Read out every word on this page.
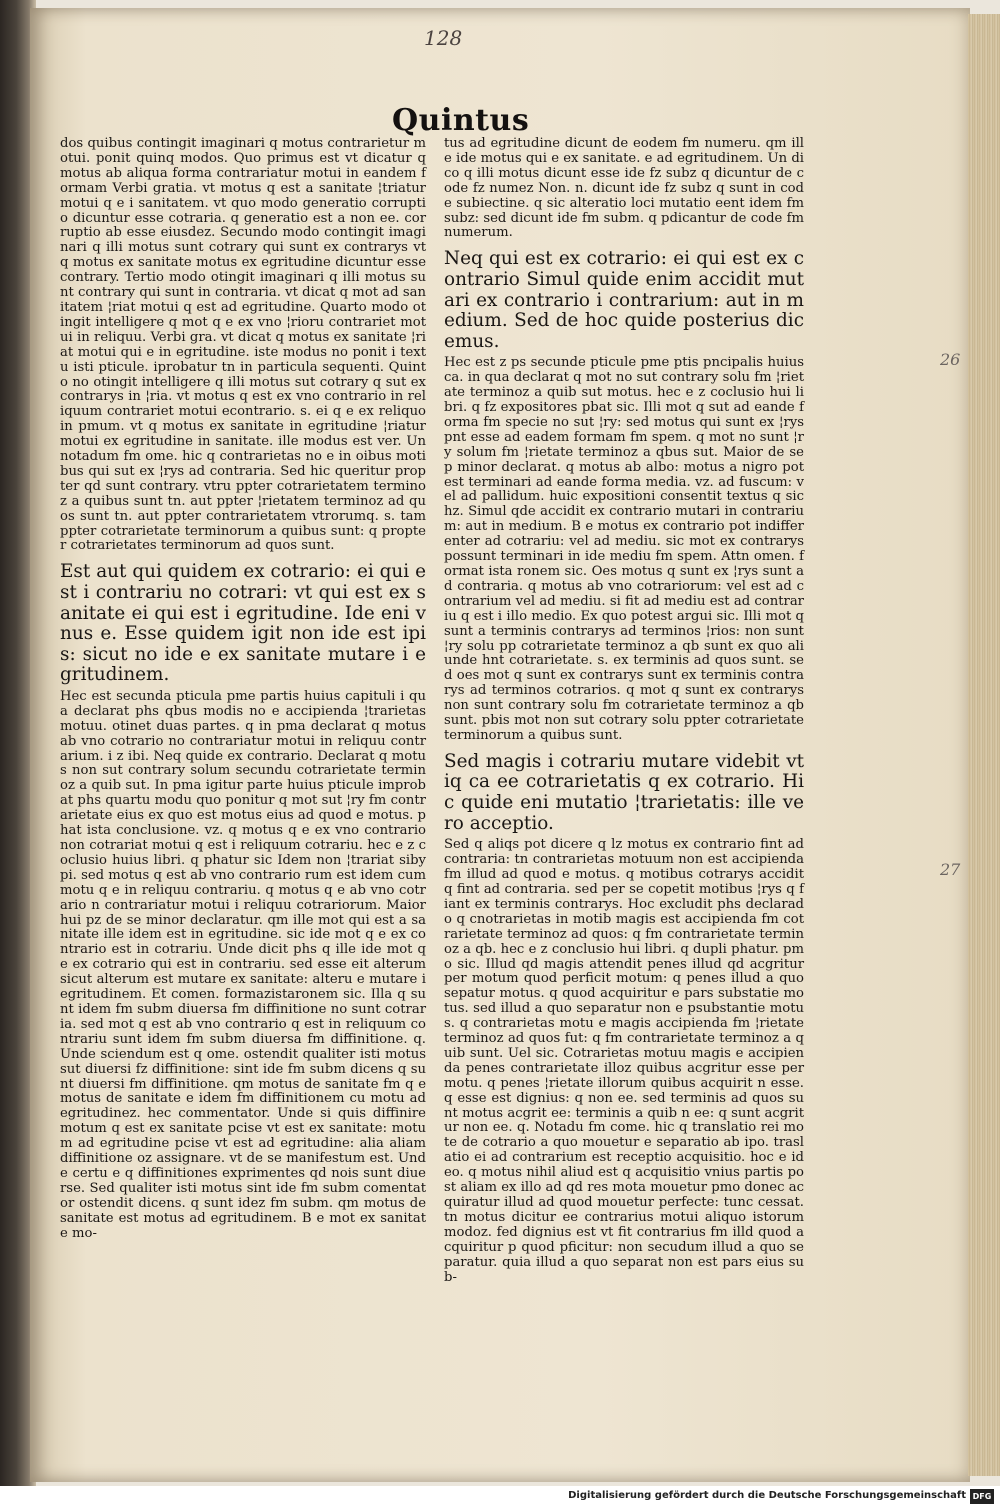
128
Quintus

dos quibus contingit imaginari q motus contrarietur motui. ponit quinq modos. Quo primus est vt dicatur q motus ab aliqua forma contrariatur motui in eandem formam Verbi gratia. vt motus q est a sanitate ¦triatur motui q e i sanitatem. vt quo modo generatio corruptio dicuntur esse cotraria. q generatio est a non ee. corruptio ab esse eiusdez. Secundo modo contingit imaginari q illi motus sunt cotrary qui sunt ex contrarys vt q motus ex sanitate motus ex egritudine dicuntur esse contrary. Tertio modo otingit imaginari q illi motus sunt contrary qui sunt in contraria. vt dicat q mot ad sanitatem ¦riat motui q est ad egritudine. Quarto modo otingit intelligere q mot q e ex vno ¦rioru contrariet motui in reliquu. Verbi gra. vt dicat q motus ex sanitate ¦riat motui qui e in egritudine. iste modus no ponit i textu isti pticule. iprobatur tn in particula sequenti. Quinto no otingit intelligere q illi motus sut cotrary q sut ex contrarys in ¦ria. vt motus q est ex vno contrario in reliquum contrariet motui econtrario. s. ei q e ex reliquo in pmum. vt q motus ex sanitate in egritudine ¦riatur motui ex egritudine in sanitate. ille modus est ver. Un notadum fm ome. hic q contrarietas no e in oibus motibus qui sut ex ¦rys ad contraria. Sed hic queritur propter qd sunt contrary. vtru ppter cotrarietatem terminoz a quibus sunt tn. aut ppter ¦rietatem terminoz ad quos sunt tn. aut ppter contrarietatem vtrorumq. s. tam ppter cotrarietate terminorum a quibus sunt: q propter cotrarietates terminorum ad quos sunt.

Est aut qui quidem ex cotrario: ei qui est i contrariu no cotrari: vt qui est ex sanitate ei qui est i egritudine. Ide eni vnus e. Esse quidem igit non ide est ipis: sicut no ide e ex sanitate mutare i egritudinem.

Hec est secunda pticula pme partis huius capituli i qua declarat phs qbus modis no e accipienda ¦trarietas motuu. otinet duas partes. q in pma declarat q motus ab vno cotrario no contrariatur motui in reliquu contrarium. i z ibi. Neq quide ex contrario. Declarat q motus non sut contrary solum secundu cotrarietate terminoz a quib sut. In pma igitur parte huius pticule improbat phs quartu modu quo ponitur q mot sut ¦ry fm contrarietate eius ex quo est motus eius ad quod e motus. phat ista conclusione. vz. q motus q e ex vno contrario non cotrariat motui q est i reliquum cotrariu. hec e z coclusio huius libri. q phatur sic Idem non ¦trariat sibypi. sed motus q est ab vno contrario rum est idem cum motu q e in reliquu contrariu. q motus q e ab vno cotrario n contrariatur motui i reliquu cotrariorum. Maior hui pz de se minor declaratur. qm ille mot qui est a sanitate ille idem est in egritudine. sic ide mot q e ex contrario est in cotrariu. Unde dicit phs q ille ide mot q e ex cotrario qui est in contrariu. sed esse eit alterum sicut alterum est mutare ex sanitate: alteru e mutare i egritudinem. Et comen. formazistaronem sic. Illa q sunt idem fm subm diuersa fm diffinitione no sunt cotraria. sed mot q est ab vno contrario q est in reliquum contrariu sunt idem fm subm diuersa fm diffinitione. q. Unde sciendum est q ome. ostendit qualiter isti motus sut diuersi fz diffinitione: sint ide fm subm dicens q sunt diuersi fm diffinitione. qm motus de sanitate fm q e motus de sanitate e idem fm diffinitionem cu motu ad egritudinez. hec commentator. Unde si quis diffinire motum q est ex sanitate pcise vt est ex sanitate: motum ad egritudine pcise vt est ad egritudine: alia aliam diffinitione oz assignare. vt de se manifestum est. Unde certu e q diffinitiones exprimentes qd nois sunt diuerse. Sed qualiter isti motus sint ide fm subm comentator ostendit dicens. q sunt idez fm subm. qm motus de sanitate est motus ad egritudinem. B e mot ex sanitate mo-

tus ad egritudine dicunt de eodem fm numeru. qm ille ide motus qui e ex sanitate. e ad egritudinem. Un dico q illi motus dicunt esse ide fz subz q dicuntur de code fz numez Non. n. dicunt ide fz subz q sunt in code subiectine. q sic alteratio loci mutatio eent idem fm subz: sed dicunt ide fm subm. q pdicantur de code fm numerum.

Neq qui est ex cotrario: ei qui est ex contrario Simul quide enim accidit mutari ex contrario i contrarium: aut in medium. Sed de hoc quide posterius dicemus.

Hec est z ps secunde pticule pme ptis pncipalis huius ca. in qua declarat q mot no sut contrary solu fm ¦rietate terminoz a quib sut motus. hec e z coclusio hui libri. q fz expositores pbat sic. Illi mot q sut ad eande forma fm specie no sut ¦ry: sed motus qui sunt ex ¦rys pnt esse ad eadem formam fm spem. q mot no sunt ¦ry solum fm ¦rietate terminoz a qbus sut. Maior de se p minor declarat. q motus ab albo: motus a nigro potest terminari ad eande forma media. vz. ad fuscum: vel ad pallidum. huic expositioni consentit textus q sic hz. Simul qde accidit ex contrario mutari in contrarium: aut in medium. B e motus ex contrario pot indifferenter ad cotrariu: vel ad mediu. sic mot ex contrarys possunt terminari in ide mediu fm spem. Attn omen. format ista ronem sic. Oes motus q sunt ex ¦rys sunt ad contraria. q motus ab vno cotrariorum: vel est ad contrarium vel ad mediu. si fit ad mediu est ad contrariu q est i illo medio. Ex quo potest argui sic. Illi mot q sunt a terminis contrarys ad terminos ¦rios: non sunt ¦ry solu pp cotrarietate terminoz a qb sunt ex quo aliunde hnt cotrarietate. s. ex terminis ad quos sunt. sed oes mot q sunt ex contrarys sunt ex terminis contrarys ad terminos cotrarios. q mot q sunt ex contrarys non sunt contrary solu fm cotrarietate terminoz a qb sunt. pbis mot non sut cotrary solu ppter cotrarietate terminorum a quibus sunt.

Sed magis i cotrariu mutare videbit vtiq ca ee cotrarietatis q ex cotrario. Hic quide eni mutatio ¦trarietatis: ille vero acceptio.

Sed q aliqs pot dicere q lz motus ex contrario fint ad contraria: tn contrarietas motuum non est accipienda fm illud ad quod e motus. q motibus cotrarys accidit q fint ad contraria. sed per se copetit motibus ¦rys q fiant ex terminis contrarys. Hoc excludit phs declarado q cnotrarietas in motib magis est accipienda fm cotrarietate terminoz ad quos: q fm contrarietate terminoz a qb. hec e z conclusio hui libri. q dupli phatur. pmo sic. Illud qd magis attendit penes illud qd acgritur per motum quod perficit motum: q penes illud a quo sepatur motus. q quod acquiritur e pars substatie motus. sed illud a quo separatur non e psubstantie motus. q contrarietas motu e magis accipienda fm ¦rietate terminoz ad quos fut: q fm contrarietate terminoz a quib sunt. Uel sic. Cotrarietas motuu magis e accipienda penes contrarietate illoz quibus acgritur esse per motu. q penes ¦rietate illorum quibus acquirit n esse. q esse est dignius: q non ee. sed terminis ad quos sunt motus acgrit ee: terminis a quib n ee: q sunt acgritur non ee. q. Notadu fm come. hic q translatio rei mote de cotrario a quo mouetur e separatio ab ipo. traslatio ei ad contrarium est receptio acquisitio. hoc e ideo. q motus nihil aliud est q acquisitio vnius partis post aliam ex illo ad qd res mota mouetur pmo donec acquiratur illud ad quod mouetur perfecte: tunc cessat. tn motus dicitur ee contrarius motui aliquo istorum modoz. fed dignius est vt fit contrarius fm illd quod acquiritur p quod pficitur: non secudum illud a quo separatur. quia illud a quo separat non est pars eius sub-

26
27
Digitalisierung gefördert durch die Deutsche Forschungsgemeinschaft DFG
